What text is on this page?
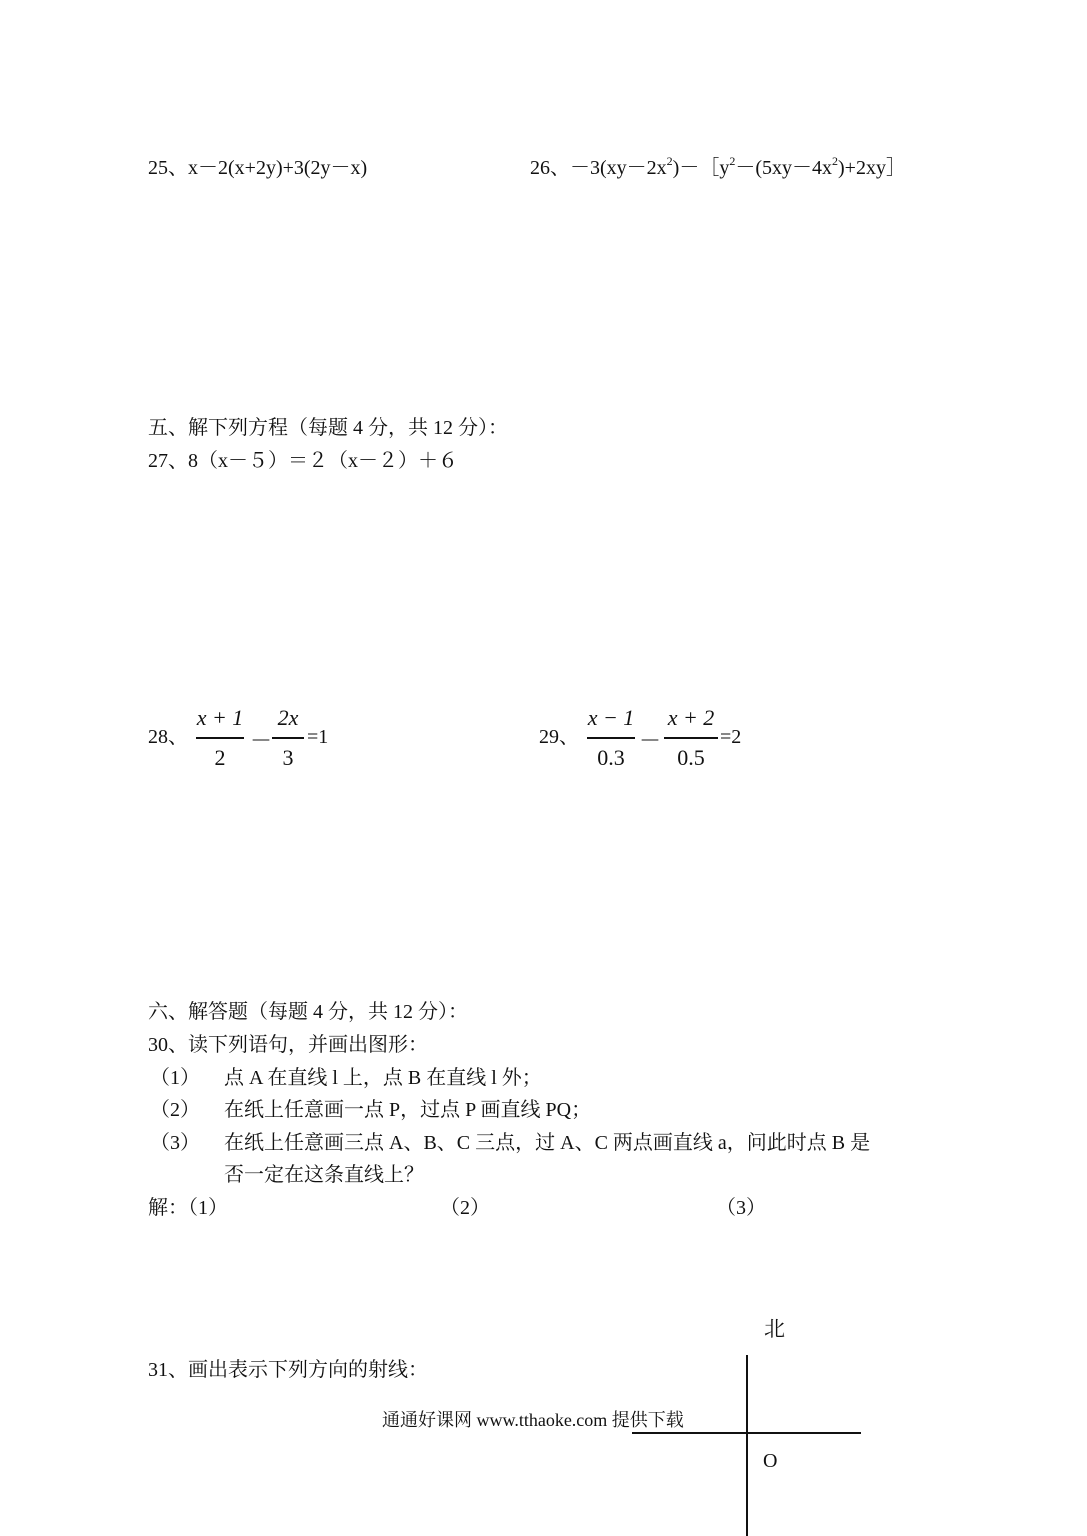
25、x－2(x+2y)+3(2y－x)	26、$-3(xy-2x^2)-[y^2-(5xy-4x^2)+2xy]$
五、解下列方程（每题 4 分，共 12 分）：
27、8（x－５）＝２（x－２）＋６
28、
x + 1
2
－
2x
3
=1	29、
x − 1
0.3
－
x + 2
0.5
=2
六、解答题（每题 4 分，共 12 分）：
30、读下列语句，并画出图形：
（1） 点 A 在直线 l 上，点 B 在直线 l 外；
（2） 在纸上任意画一点 P，过点 P 画直线 PQ；
（3） 在纸上任意画三点 A、B、C 三点，过 A、C 两点画直线 a，问此时点 B 是
否一定在这条直线上？
解：（1）	（2）	（3）
北
O
31、画出表示下列方向的射线：
通通好课网 www.tthaoke.com 提供下载
